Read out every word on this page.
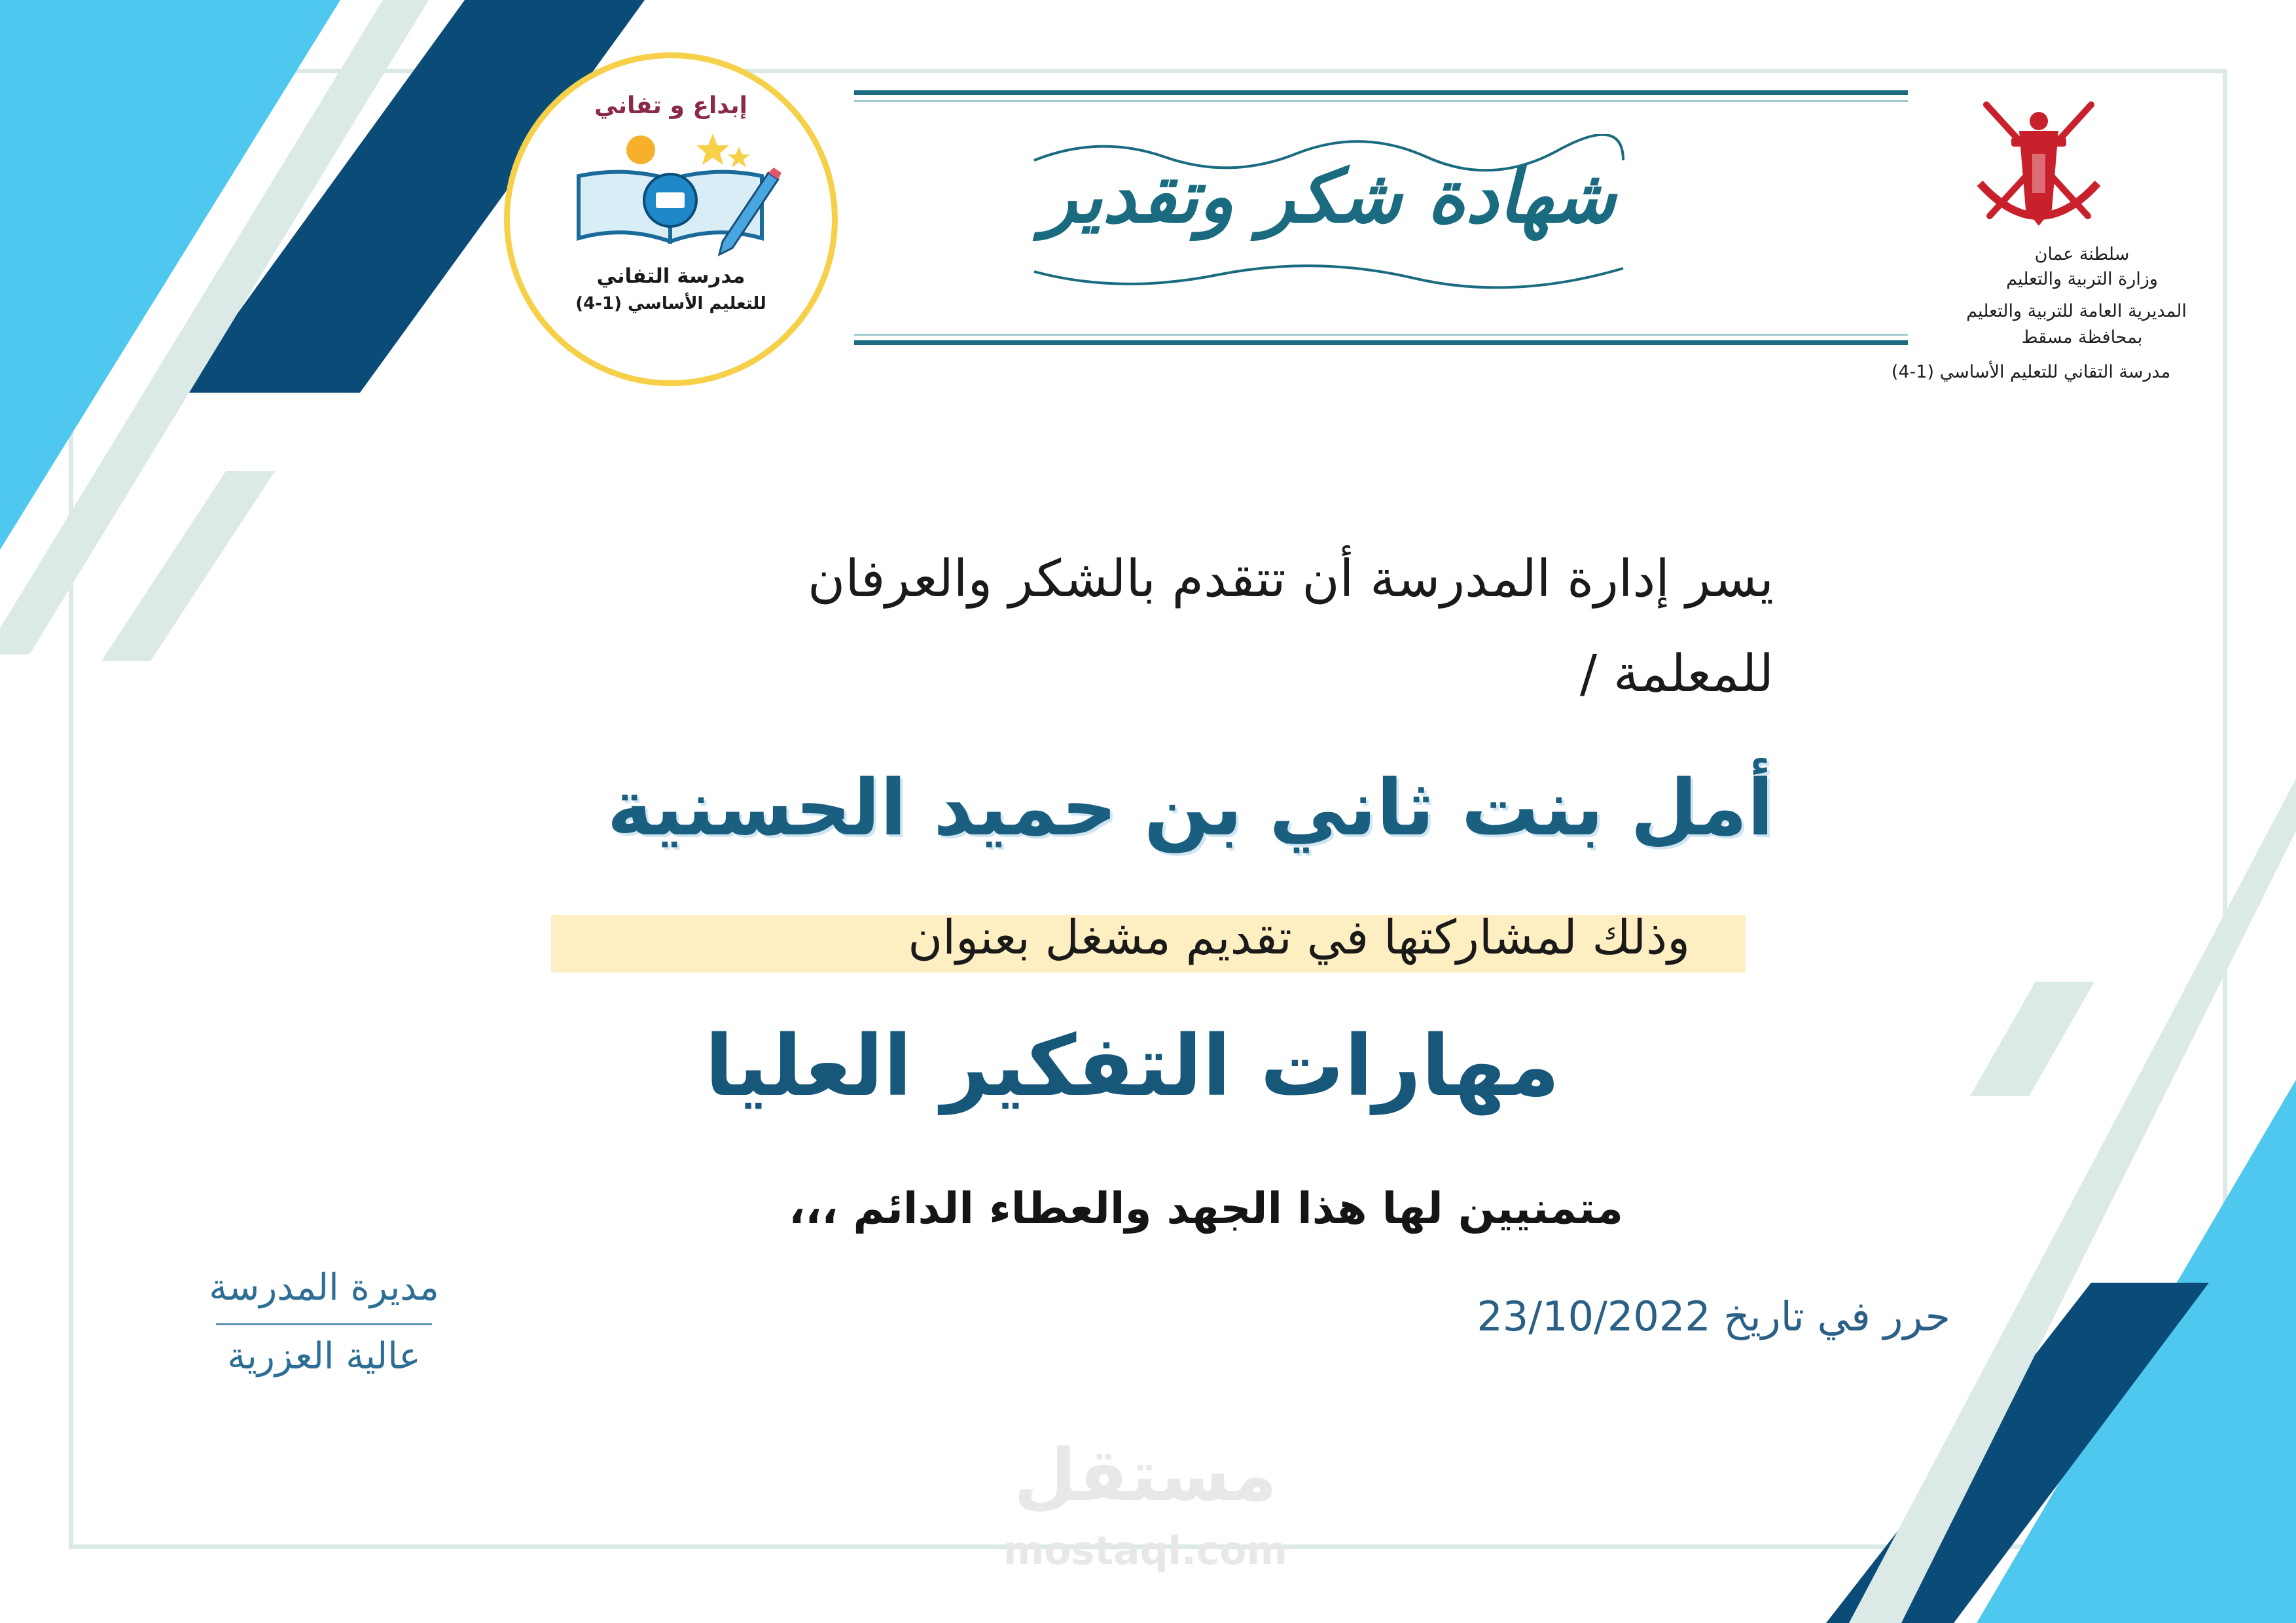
شهادة شكر وتقدير
سلطنة عمان
وزارة التربية والتعليم
المديرية العامة للتربية والتعليم
بمحافظة مسقط
مدرسة التقاني للتعليم الأساسي (1-4)
إبداع و تفاني
مدرسة التفاني
للتعليم الأساسي (1-4)
يسر إدارة المدرسة أن تتقدم بالشكر والعرفان
للمعلمة /
أمل بنت ثاني بن حميد الحسنية
وذلك لمشاركتها في تقديم مشغل بعنوان
مهارات التفكير العليا
متمنيين لها هذا الجهد والعطاء الدائم ،،،
حرر في تاريخ 23/10/2022
مديرة المدرسة
عالية العزرية
مستقل
mostaql.com
